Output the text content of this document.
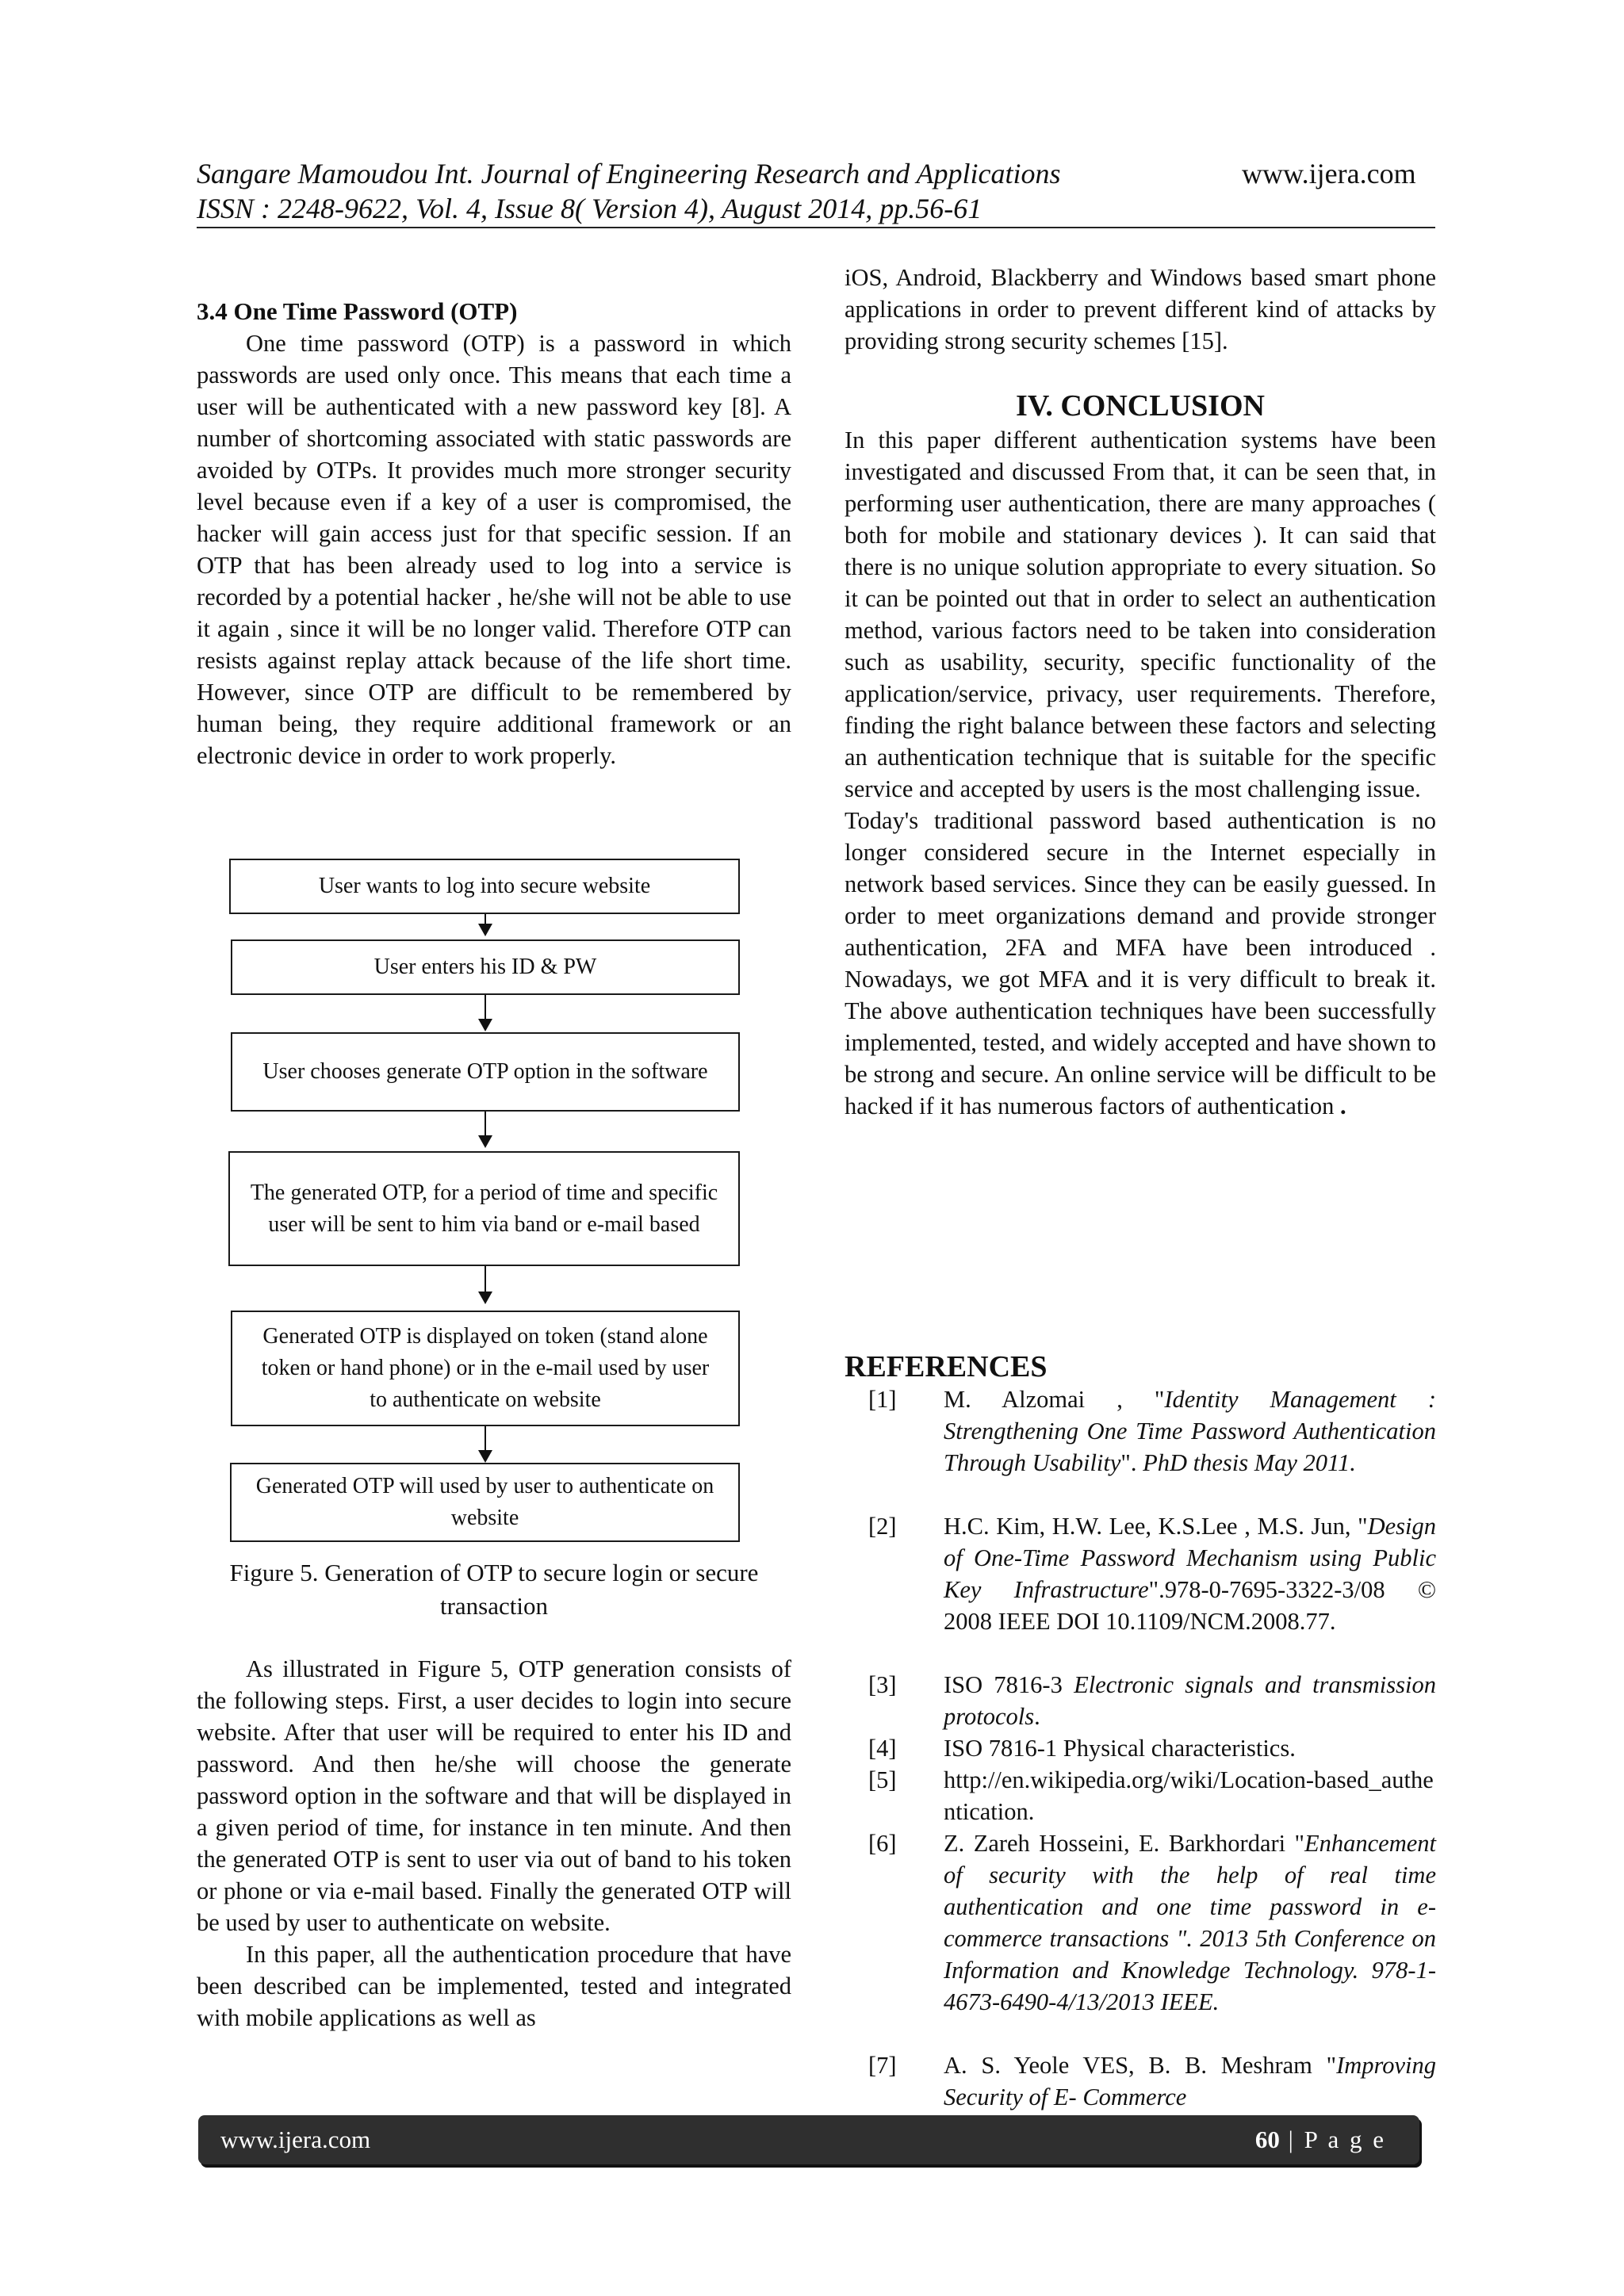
Sangare Mamoudou Int. Journal of Engineering Research and Applications	www.ijera.com
ISSN : 2248-9622, Vol. 4, Issue 8( Version 4), August 2014, pp.56-61
3.4 One Time Password (OTP)

One time password (OTP) is a password in which passwords are used only once. This means that each time a user will be authenticated with a new password key [8]. A number of shortcoming associated with static passwords are avoided by OTPs. It provides much more stronger security level because even if a key of a user is compromised, the hacker will gain access just for that specific session. If an OTP that has been already used to log into a service is recorded by a potential hacker , he/she will not be able to use it again , since it will be no longer valid. Therefore OTP can resists against replay attack because of the life short time. However, since OTP are difficult to be remembered by human being, they require additional framework or an electronic device in order to work properly.

User wants to log into secure website
User enters his ID & PW
User chooses generate OTP option in the software
The generated OTP, for a period of time and specific user will be sent to him via band or e-mail based
Generated OTP is displayed on token (stand alone token or hand phone) or in the e-mail used by user to authenticate on website
Generated OTP will used by user to authenticate on website
Figure 5. Generation of OTP to secure login or secure transaction

As illustrated in Figure 5, OTP generation consists of the following steps. First, a user decides to login into secure website. After that user will be required to enter his ID and password. And then he/she will choose the generate password option in the software and that will be displayed in a given period of time, for instance in ten minute. And then the generated OTP is sent to user via out of band to his token or phone or via e-mail based. Finally the generated OTP will be used by user to authenticate on website.

In this paper, all the authentication procedure that have been described can be implemented, tested and integrated with mobile applications as well as

iOS, Android, Blackberry and Windows based smart phone applications in order to prevent different kind of attacks by providing strong security schemes [15].

IV. CONCLUSION

In this paper different authentication systems have been investigated and discussed From that, it can be seen that, in performing user authentication, there are many approaches ( both for mobile and stationary devices ). It can said that there is no unique solution appropriate to every situation. So it can be pointed out that in order to select an authentication method, various factors need to be taken into consideration such as usability, security, specific functionality of the application/service, privacy, user requirements. Therefore, finding the right balance between these factors and selecting an authentication technique that is suitable for the specific service and accepted by users is the most challenging issue.

Today's traditional password based authentication is no longer considered secure in the Internet especially in network based services. Since they can be easily guessed. In order to meet organizations demand and provide stronger authentication, 2FA and MFA have been introduced . Nowadays, we got MFA and it is very difficult to break it. The above authentication techniques have been successfully implemented, tested, and widely accepted and have shown to be strong and secure. An online service will be difficult to be hacked if it has numerous factors of authentication .

REFERENCES
[1] M. Alzomai , "Identity Management : Strengthening One Time Password Authentication Through Usability". PhD thesis May 2011.
[2] H.C. Kim, H.W. Lee, K.S.Lee , M.S. Jun, "Design of One-Time Password Mechanism using Public Key Infrastructure".978-0-7695-3322-3/08 © 2008 IEEE DOI 10.1109/NCM.2008.77.
[3] ISO 7816-3 Electronic signals and transmission protocols.
[4] ISO 7816-1 Physical characteristics.
[5] http://en.wikipedia.org/wiki/Location-based_authentication.
[6] Z. Zareh Hosseini, E. Barkhordari "Enhancement of security with the help of real time authentication and one time password in e-commerce transactions ". 2013 5th Conference on Information and Knowledge Technology. 978-1-4673-6490-4/13/2013 IEEE.
[7] A. S. Yeole VES, B. B. Meshram "Improving Security of E- Commerce
www.ijera.com	60 | P a g e
